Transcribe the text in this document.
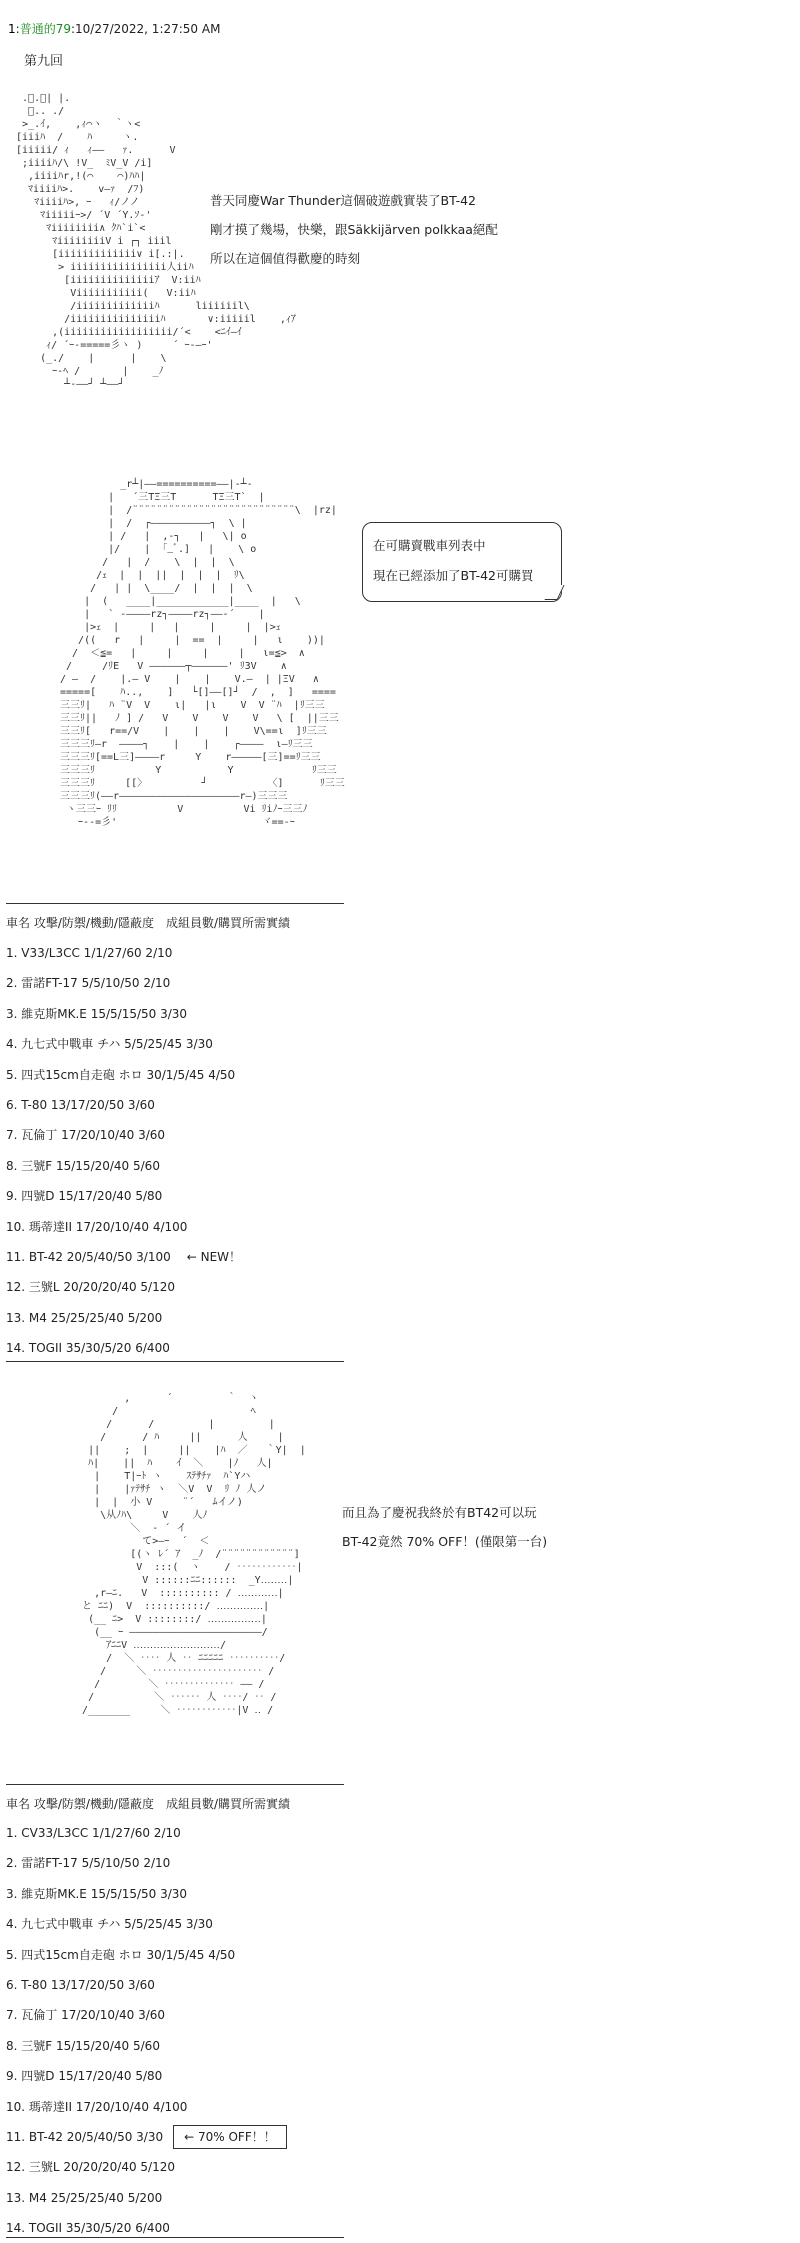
1:普通的79:10/27/2022, 1:27:50 AM
第九回
.ﾞ.ﾞ| |.
ﾞ.. ./
>_.ｲ,    ,ｨ⌒ヽ  ｀ヽ<
[iiiﾊ  /    ﾊ     ヽ.
[iiiii/ ｨ   ｨ――   ｧ.      V
;iiiiﾊ/\ !V_  ﾐV_V /i]
,iiiiﾊr,!(⌒    ⌒)ﾊﾊ|
ﾏiiiiﾊ>.    v―ｧ  /ﾌ)
ﾏiiiiﾊ>, ｰ   ｨ/ノノ
ﾏiiiiiｰ>/ ´V ´Y.ｿ-'
ﾏiiiiiiii∧ ｸﾊ`i`<
ﾏiiiiiiiiV i ┌┐ iiil
[iiiiiiiiiiiii∨ i[.:|.
> iiiiiiiiiiiiiiii人iiﾊ
[iiiiiiiiiiiiiiｱ  V:iiﾊ
Viiiiiiiiiii(   V:iiﾊ
/iiiiiiiiiiiiiﾊ      liiiiiil\
/iiiiiiiiiiiiiiiﾊ       ∨:iiiiil    ,ｨｱ
,(iiiiiiiiiiiiiiiiii/´<    <ﾆｲ―ｲ
ｨ/ ´ｰ-=====彡ヽ )     ´ ｰ-―ｰ'
(_./    |      |    \
ｰ-ﾍ /       |    _ﾉ
┴-――┘ ┴――┘
普天同慶War Thunder這個破遊戲實裝了BT-42
剛才摸了幾場，快樂，跟Säkkijärven polkkaa絕配
所以在這個值得歡慶的時刻
_r┴|――==========――|-┴-
|   ´三ΤΞ三Τ      ΤΞ三Τ`  |
|  /¨¨¨¨¨¨¨¨¨¨¨¨¨¨¨¨¨¨¨¨¨¨¨¨¨¨¨\  |rz|
|  /  ┌――――――――――┐  \ |
| /   |  ,-┐   |   \| o
|/    |  ｢_ﾞ.]   |    \ o
/   |  /    \  |  |  \
/ｪ  |  |  ||  |  |  |  ﾘ\
/   | |  \____/  |  |  |  \
|  (   ____|____________|____  |   \
|   ` ‐――――rz┐――――rz┐――‐´    |
|>ｪ  |     |   |     |     |  |>ｪ
/((   r   |     |  ==  |     |   ι    ))|
/  ＜≦=   |     |     |     |   ι=≦>  ∧
/     /ﾘE   V ――――――┬――――――' ﾘ3V    ∧
/ ―  /    |.― V    |    |    V.―  | |ΞV   ∧
=====[    ﾊ..,    ]   └[]――[]┘  /  ,  ]   ====
三三ﾘ|   ﾊ ¨V  V    ι|   |ι    V  V ¨ﾊ  |ﾘ三三
三三ﾘ||   ﾉ ] /   V    V    V    V   \ [  ||三三
三三ﾘ[   r==/V    |    |    |    V\==ι  ]ﾘ三三
三三三ﾘ―r  ――――┐    |    |    ┌――――  ι―ﾘ三三
三三三ﾘ[==L三]――――r     Y    r―――――[三]==ﾘ三三
三三三ﾘ          Y           Y             ﾘ三三
三三三ﾘ     [[〉         ┘          〈]      ﾘ三三
三三三ﾘ(――r――――――――――――――――――――r―)三三三
ヽ三三ｰ ﾘﾘ          V          Vi ﾘiﾉｰ三三ﾉ
ｰ--=彡'                        ヾ==-ｰ
在可購賣戰車列表中
現在已經添加了BT-42可購買
車名 攻擊/防禦/機動/隱蔽度　成組員數/購買所需實績
1. V33/L3CC 1/1/27/60 2/10
2. 雷諾FT-17 5/5/10/50 2/10
3. 維克斯MK.E 15/5/15/50 3/30
4. 九七式中戰車 チハ 5/5/25/45 3/30
5. 四式15cm自走砲 ホロ 30/1/5/45 4/50
6. T-80 13/17/20/50 3/60
7. 瓦倫丁 17/20/10/40 3/60
8. 三號F 15/15/20/40 5/60
9. 四號D 15/17/20/40 5/80
10. 瑪蒂達II 17/20/10/40 4/100
11. BT-42 20/5/40/50 3/100 ← NEW！
12. 三號L 20/20/20/40 5/120
13. M4 25/25/25/40 5/200
14. TOGII 35/30/5/20 6/400
,      ´         ｀  ヽ
/                      ﾍ
/      /         |         |
/      / ﾊ     ||      人     |
||    ;  |     ||    |ﾊ  ／   ｀Y|  |
ﾊ|    ||  ﾊ    ｲ  ＼    |ﾉ   人|
|    Τ|ｰﾄ ヽ    ｽﾃｻﾁｧ  ﾊ`Yハ
|    |ｧﾃｻﾁ ヽ  ＼V  V  ﾘ ﾉ 人ノ
|  |  小 V     ¨´   ﾑイノ)
\从ﾉﾊ\     V    人ﾉ
＼  ‐ ´ イ
て>―ｰ  ´  ＜
[(ヽ ﾚ´ ｱ  _ﾉ  /¨¨¨¨¨¨¨¨¨¨¨¨]
V  :::(  ヽ    / ‥‥‥‥‥‥|
V ::::::ﾆﾆ::::::  _Υ‥‥‥‥|
,r―ﾆ.   V  :::::::::: / ‥‥‥‥‥‥|
と ﾆﾆ)  V  ::::::::::/ ‥‥‥‥‥‥‥|
(__ ﾆ>  V ::::::::/ ‥‥‥‥‥‥‥‥|
(__ ｰ ――――――――――――――――――――――/
ｱﾆﾆV ‥‥‥‥‥‥‥‥‥‥‥‥‥/
/  ＼ ‥‥ 人 ‥ ﾆﾆﾆﾆﾆ ‥‥‥‥‥/
/     ＼ ‥‥‥‥‥‥‥‥‥‥‥ /
/        ＼ ‥‥‥‥‥‥‥ ―― /
/          ＼ ‥‥‥ 人 ‥‥/ ‥ /
/_______     ＼ ‥‥‥‥‥‥|V ‥ /
而且為了慶祝我終於有BT42可以玩
BT-42竟然 70% OFF！(僅限第一台)
車名 攻擊/防禦/機動/隱蔽度　成組員數/購買所需實績
1. CV33/L3CC 1/1/27/60 2/10
2. 雷諾FT-17 5/5/10/50 2/10
3. 維克斯MK.E 15/5/15/50 3/30
4. 九七式中戰車 チハ 5/5/25/45 3/30
5. 四式15cm自走砲 ホロ 30/1/5/45 4/50
6. T-80 13/17/20/50 3/60
7. 瓦倫丁 17/20/10/40 3/60
8. 三號F 15/15/20/40 5/60
9. 四號D 15/17/20/40 5/80
10. 瑪蒂達II 17/20/10/40 4/100
11. BT-42 20/5/40/50 3/30 ← 70% OFF！！
12. 三號L 20/20/20/40 5/120
13. M4 25/25/25/40 5/200
14. TOGII 35/30/5/20 6/400
